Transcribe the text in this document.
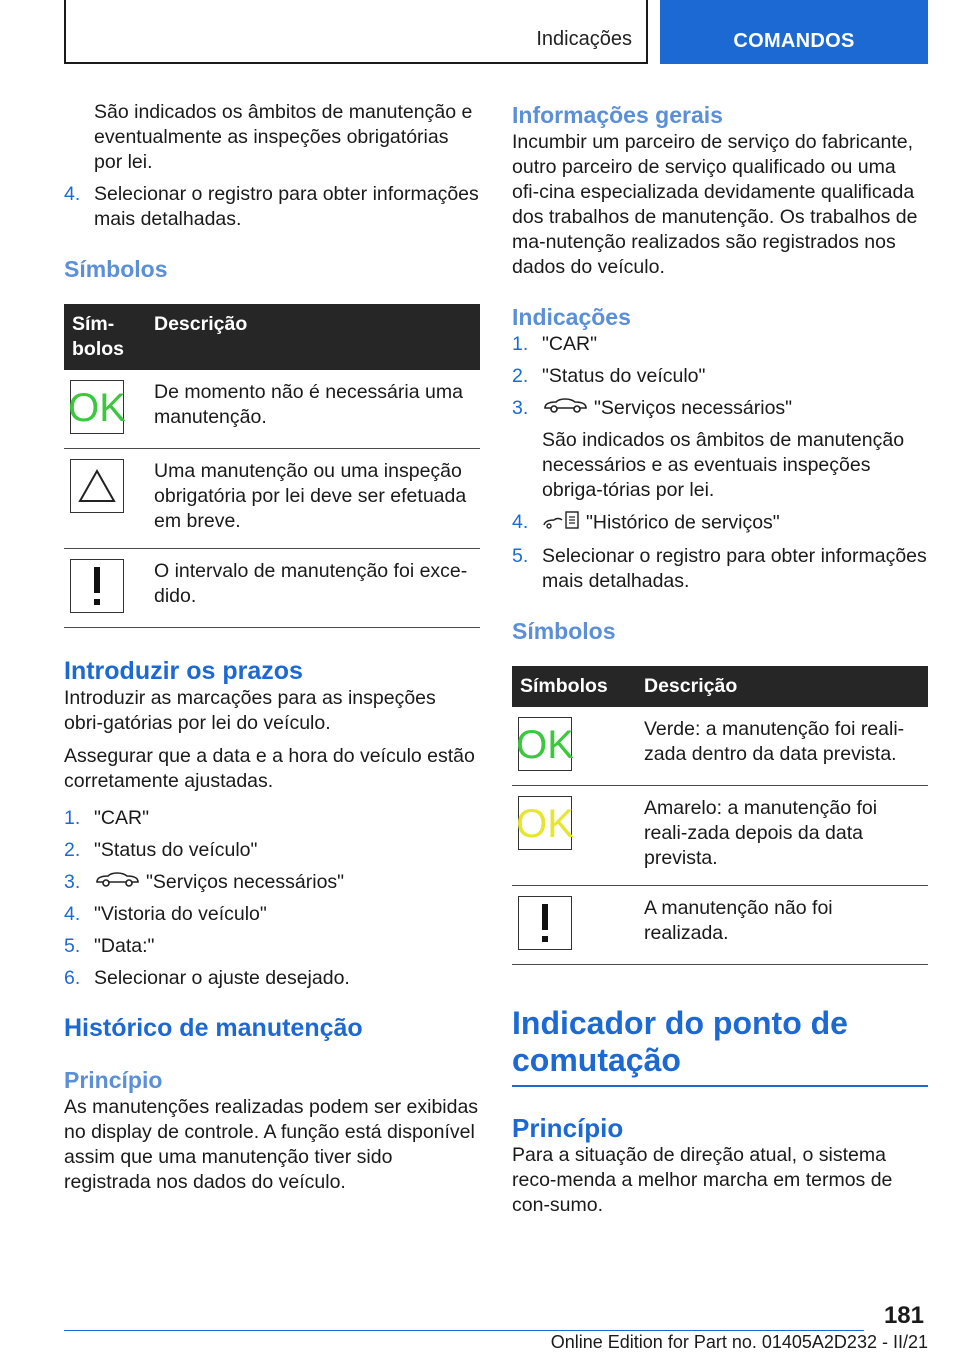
Indicações	COMANDOS

São indicados os âmbitos de manutenção e eventualmente as inspeções obrigatórias por lei.

4. Selecionar o registro para obter informações mais detalhadas.
Símbolos
Sím-
bolos	Descrição

OK	De momento não é necessária uma manutenção.

	Uma manutenção ou uma inspeção obrigatória por lei deve ser efetuada em breve.

	O intervalo de manutenção foi exce-dido.
Introduzir os prazos

Introduzir as marcações para as inspeções obri-gatórias por lei do veículo.

Assegurar que a data e a hora do veículo estão corretamente ajustadas.

1. "CAR"
2. "Status do veículo"
3.	"Serviços necessários"
4. "Vistoria do veículo"
5. "Data:"
6. Selecionar o ajuste desejado.
Histórico de manutenção
Princípio

As manutenções realizadas podem ser exibidas no display de controle. A função está disponível assim que uma manutenção tiver sido registrada nos dados do veículo.

Informações gerais

Incumbir um parceiro de serviço do fabricante, outro parceiro de serviço qualificado ou uma ofi-cina especializada devidamente qualificada dos trabalhos de manutenção. Os trabalhos de ma-nutenção realizados são registrados nos dados do veículo.

Indicações
1. "CAR"
2. "Status do veículo"
3.	"Serviços necessários"
São indicados os âmbitos de manutenção necessários e as eventuais inspeções obriga-tórias por lei.
4.	"Histórico de serviços"
5. Selecionar o registro para obter informações mais detalhadas.
Símbolos
Símbolos	Descrição

OK	Verde: a manutenção foi reali-zada dentro da data prevista.

OK	Amarelo: a manutenção foi reali-zada depois da data prevista.

	A manutenção não foi realizada.
Indicador do ponto de comutação
Princípio

Para a situação de direção atual, o sistema reco-menda a melhor marcha em termos de con-sumo.

181
Online Edition for Part no. 01405A2D232 - II/21
